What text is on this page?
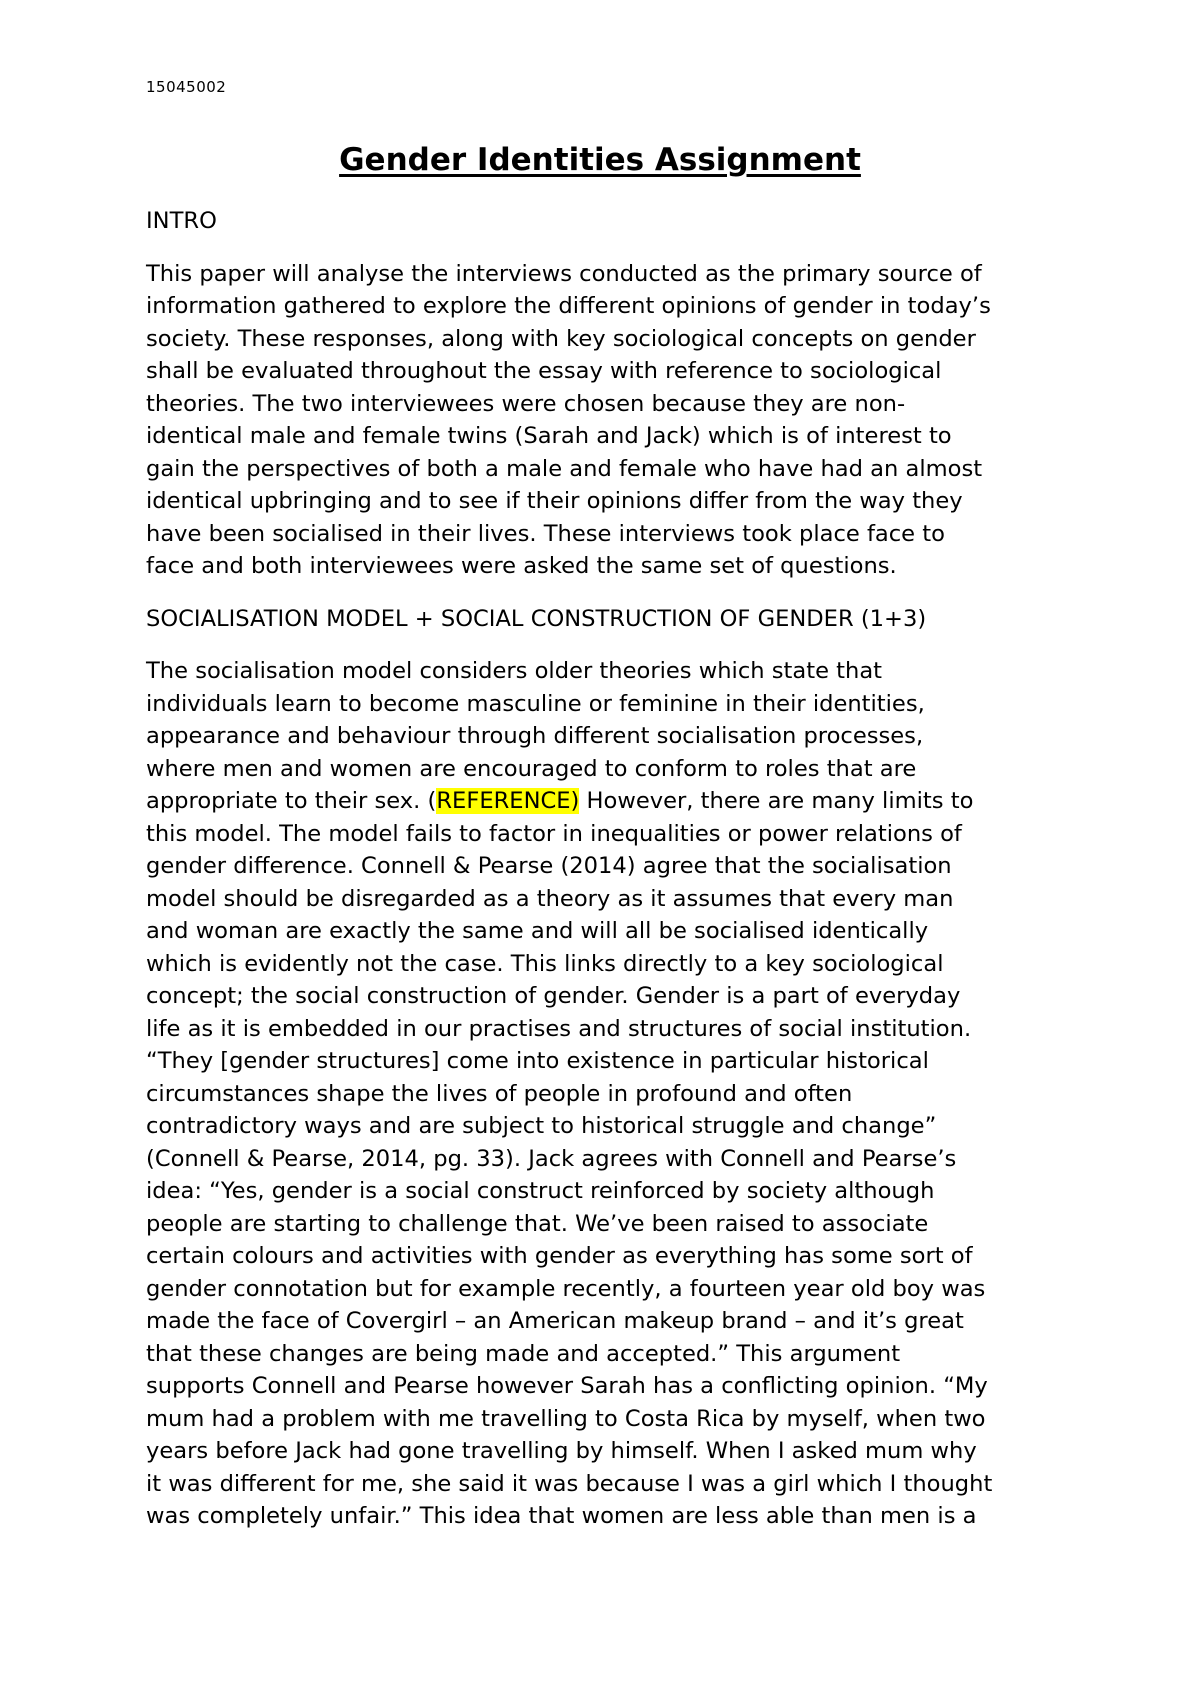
15045002
Gender Identities Assignment
INTRO
This paper will analyse the interviews conducted as the primary source of
information gathered to explore the different opinions of gender in today’s
society. These responses, along with key sociological concepts on gender
shall be evaluated throughout the essay with reference to sociological
theories. The two interviewees were chosen because they are non-
identical male and female twins (Sarah and Jack) which is of interest to
gain the perspectives of both a male and female who have had an almost
identical upbringing and to see if their opinions differ from the way they
have been socialised in their lives. These interviews took place face to
face and both interviewees were asked the same set of questions.
SOCIALISATION MODEL + SOCIAL CONSTRUCTION OF GENDER (1+3)
The socialisation model considers older theories which state that
individuals learn to become masculine or feminine in their identities,
appearance and behaviour through different socialisation processes,
where men and women are encouraged to conform to roles that are
appropriate to their sex. (REFERENCE) However, there are many limits to
this model. The model fails to factor in inequalities or power relations of
gender difference. Connell & Pearse (2014) agree that the socialisation
model should be disregarded as a theory as it assumes that every man
and woman are exactly the same and will all be socialised identically
which is evidently not the case. This links directly to a key sociological
concept; the social construction of gender. Gender is a part of everyday
life as it is embedded in our practises and structures of social institution.
“They [gender structures] come into existence in particular historical
circumstances shape the lives of people in profound and often
contradictory ways and are subject to historical struggle and change”
(Connell & Pearse, 2014, pg. 33). Jack agrees with Connell and Pearse’s
idea: “Yes, gender is a social construct reinforced by society although
people are starting to challenge that. We’ve been raised to associate
certain colours and activities with gender as everything has some sort of
gender connotation but for example recently, a fourteen year old boy was
made the face of Covergirl – an American makeup brand – and it’s great
that these changes are being made and accepted.” This argument
supports Connell and Pearse however Sarah has a conflicting opinion. “My
mum had a problem with me travelling to Costa Rica by myself, when two
years before Jack had gone travelling by himself. When I asked mum why
it was different for me, she said it was because I was a girl which I thought
was completely unfair.” This idea that women are less able than men is a
